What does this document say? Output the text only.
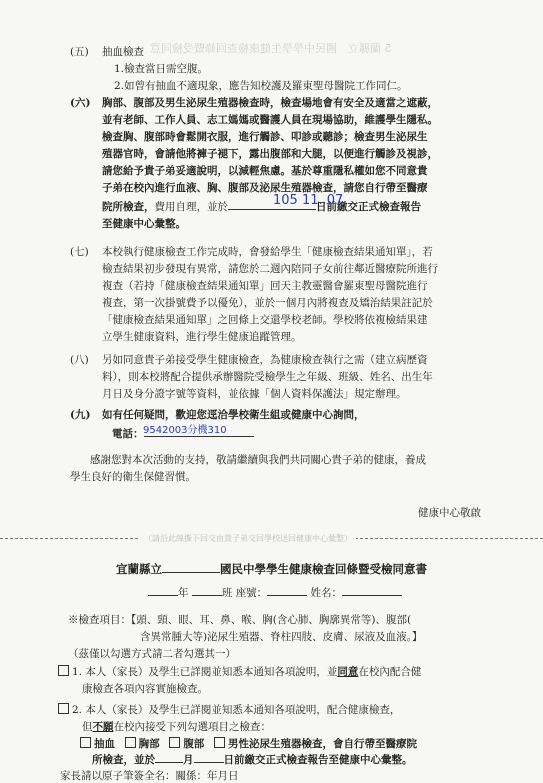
5 蘭縣立　國民中學學生健康檢查回條暨受檢同意
(五) 抽血檢查
1.檢查當日需空腹。
2.如曾有抽血不適現象，應告知校護及羅東聖母醫院工作同仁。
(六) 胸部、腹部及男生泌尿生殖器檢查時，檢查場地會有安全及適當之遮蔽，
並有老師、工作人員、志工媽媽或醫護人員在現場協助，維護學生隱私。
檢查胸、腹部時會鬆開衣服，進行觸診、叩診或聽診；檢查男生泌尿生
殖器官時，會請他將褲子褪下，露出腹部和大腿，以便進行觸診及視診，
請您給予貴子弟妥適說明，以減輕焦慮。基於尊重隱私權如您不同意貴
子弟在校內進行血液、胸、腹部及泌尿生殖器檢查，請您自行帶至醫療
院所檢查，費用自理，並於	日前繳交正式檢查報告
至健康中心彙整。
105 11. 07
(七) 本校執行健康檢查工作完成時，會發給學生「健康檢查結果通知單」，若
檢查結果初步發現有異常，請您於二週內陪同子女前往鄰近醫療院所進行
複查（若持「健康檢查結果通知單」回天主教靈醫會羅東聖母醫院進行
複查，第一次掛號費予以優免），並於一個月內將複查及矯治結果註記於
「健康檢查結果通知單」之回條上交還學校老師。學校將依複檢結果建
立學生健康資料，進行學生健康追蹤管理。
(八) 另如同意貴子弟接受學生健康檢查，為健康檢查執行之需（建立病歷資
料），則本校將配合提供承辦醫院受檢學生之年級、班級、姓名、出生年
月日及身分證字號等資料，並依據「個人資料保護法」規定辦理。
(九) 如有任何疑問，歡迎您逕洽學校衛生組或健康中心詢問，
電話： 9542003分機310
感謝您對本次活動的支持，敬請繼續與我們共同關心貴子弟的健康，養成
學生良好的衛生保健習慣。
健康中心敬啟
（請沿此線撕下回交由貴子弟交回學校送回健康中心彙整）
宜蘭縣立	國民中學學生健康檢查回條暨受檢同意書
年	班 座號：	姓名：
※檢查項目：【頭、頸、眼、耳、鼻、喉、胸(含心肺、胸廓異常等)、腹部(
含異常腫大等)泌尿生殖器、脊柱四肢、皮膚、尿液及血液。】
（茲僅以勾選方式請二者勾選其一）
1. 本人（家長）及學生已詳閱並知悉本通知各項說明，並同意在校內配合健
康檢查各項內容實施檢查。
2. 本人（家長）及學生已詳閱並知悉本通知各項說明，配合健康檢查，
但不願在校內接受下列勾選項目之檢查：
抽血 胸部 腹部 男性泌尿生殖器檢查，會自行帶至醫療院
所檢查，並於	月	日前繳交正式檢查報告至健康中心彙整。
家長請以原子筆簽全名：關係：年月日
